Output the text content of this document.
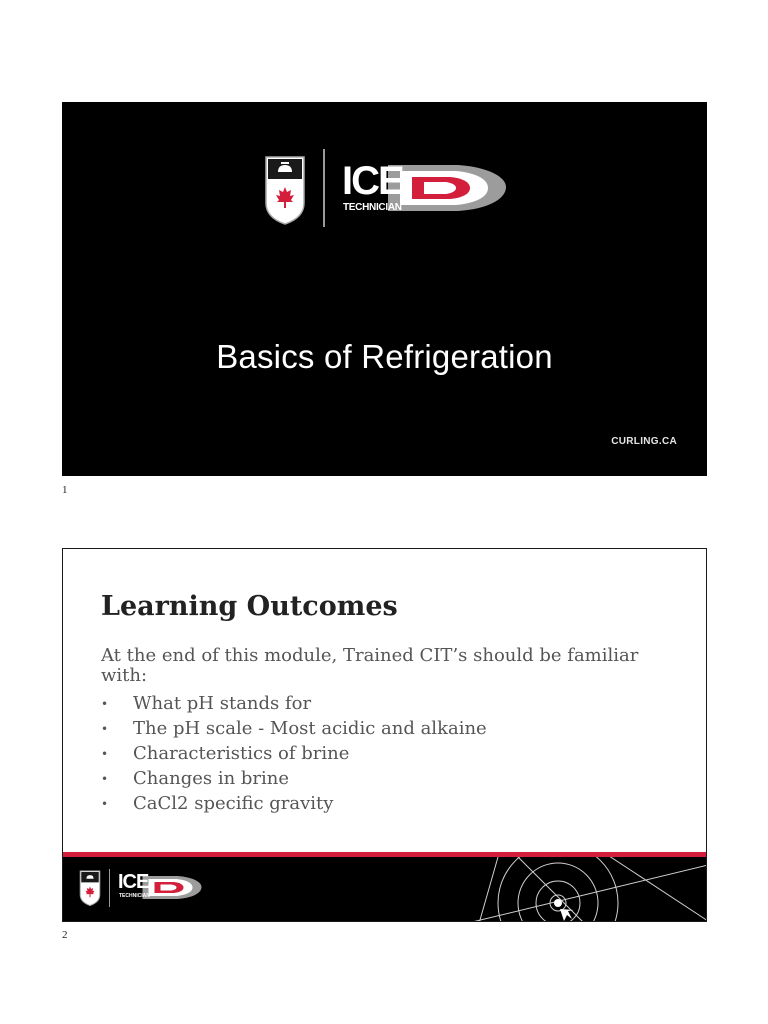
ICE
TECHNICIAN
Basics of Refrigeration
CURLING.CA
1
Learning Outcomes
At the end of this module, Trained CIT’s should be familiar with:
•	What pH stands for
•	The pH scale - Most acidic and alkaine
•	Characteristics of brine
•	Changes in brine
•	CaCl2 specific gravity
ICE
TECHNICIAN
2
